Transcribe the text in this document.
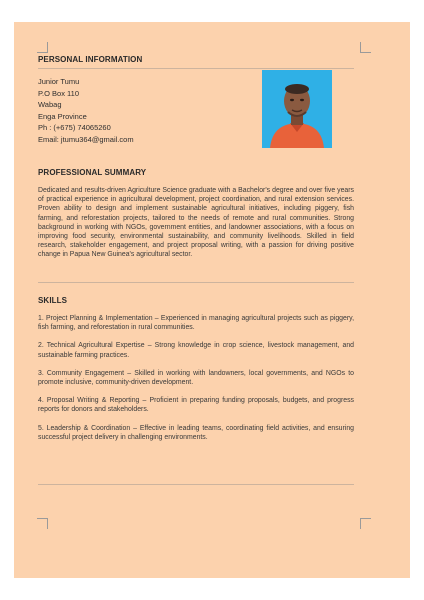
PERSONAL INFORMATION
Junior Tumu
P.O Box 110
Wabag
Enga Province
Ph : (+675) 74065260
Email: jtumu364@gmail.com
PROFESSIONAL SUMMARY
Dedicated and results-driven Agriculture Science graduate with a Bachelor's degree and over five years of practical experience in agricultural development, project coordination, and rural extension services. Proven ability to design and implement sustainable agricultural initiatives, including piggery, fish farming, and reforestation projects, tailored to the needs of remote and rural communities. Strong background in working with NGOs, government entities, and landowner associations, with a focus on improving food security, environmental sustainability, and community livelihoods. Skilled in field research, stakeholder engagement, and project proposal writing, with a passion for driving positive change in Papua New Guinea's agricultural sector.
SKILLS

1. Project Planning & Implementation – Experienced in managing agricultural projects such as piggery, fish farming, and reforestation in rural communities.

2. Technical Agricultural Expertise – Strong knowledge in crop science, livestock management, and sustainable farming practices.

3. Community Engagement – Skilled in working with landowners, local governments, and NGOs to promote inclusive, community-driven development.

4. Proposal Writing & Reporting – Proficient in preparing funding proposals, budgets, and progress reports for donors and stakeholders.

5. Leadership & Coordination – Effective in leading teams, coordinating field activities, and ensuring successful project delivery in challenging environments.
